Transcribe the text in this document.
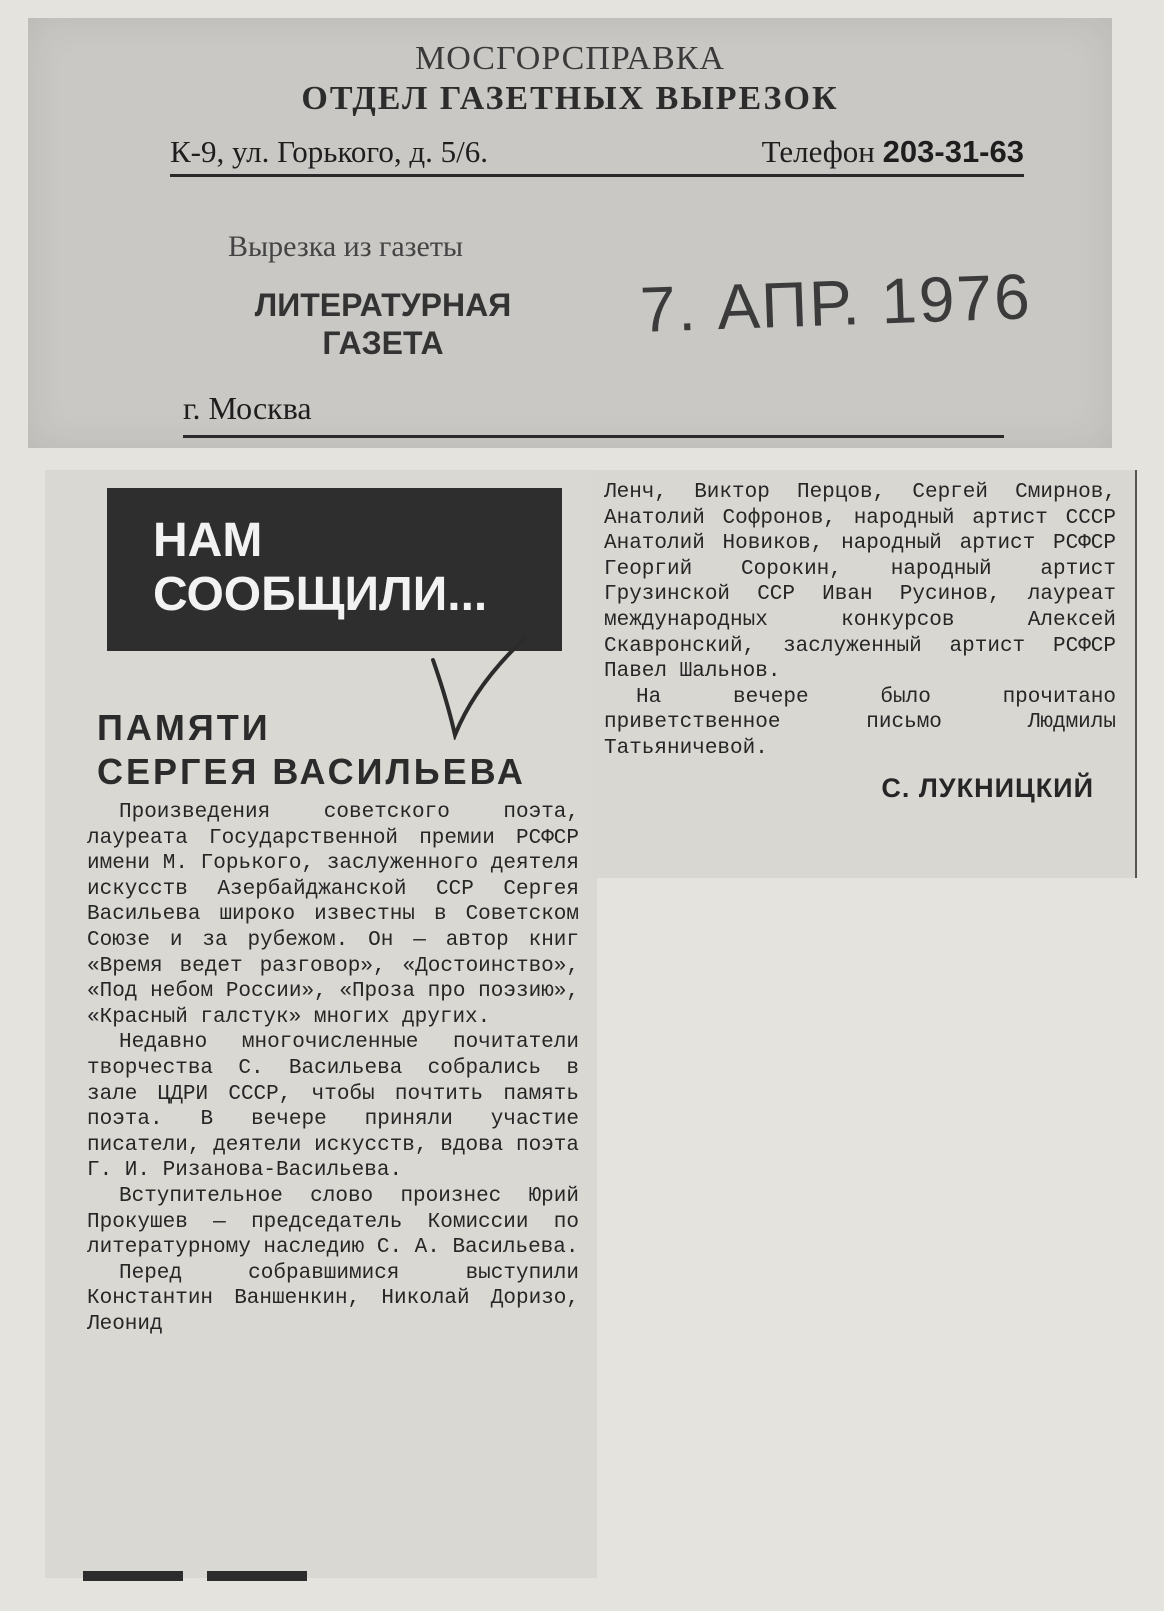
МОСГОРСПРАВКА
ОТДЕЛ ГАЗЕТНЫХ ВЫРЕЗОК
К-9, ул. Горького, д. 5/6.	Телефон 203-31-63
Вырезка из газеты
ЛИТЕРАТУРНАЯ
ГАЗЕТА	7. АПР. 1976
г. Москва
НАМ
СООБЩИЛИ...
ПАМЯТИ
СЕРГЕЯ ВАСИЛЬЕВА

Произведения советского поэта, лауреата Государственной премии РСФСР имени М. Горького, заслуженного деятеля искусств Азербайджанской ССР Сергея Васильева широко известны в Советском Союзе и за рубежом. Он — автор книг «Время ведет разговор», «Достоинство», «Под небом России», «Проза про поэзию», «Красный галстук» многих других.

Недавно многочисленные почитатели творчества С. Васильева собрались в зале ЦДРИ СССР, чтобы почтить память поэта. В вечере приняли участие писатели, деятели искусств, вдова поэта Г. И. Ризанова-Васильева.

Вступительное слово произнес Юрий Прокушев — председатель Комиссии по литературному наследию С. А. Васильева.

Перед собравшимися выступили Константин Ваншенкин, Николай Доризо, Леонид

Ленч, Виктор Перцов, Сергей Смирнов, Анатолий Софронов, народный артист СССР Анатолий Новиков, народный артист РСФСР Георгий Сорокин, народный артист Грузинской ССР Иван Русинов, лауреат международных конкурсов Алексей Скавронский, заслуженный артист РСФСР Павел Шальнов.

На вечере было прочитано приветственное письмо Людмилы Татьяничевой.

С. ЛУКНИЦКИЙ
